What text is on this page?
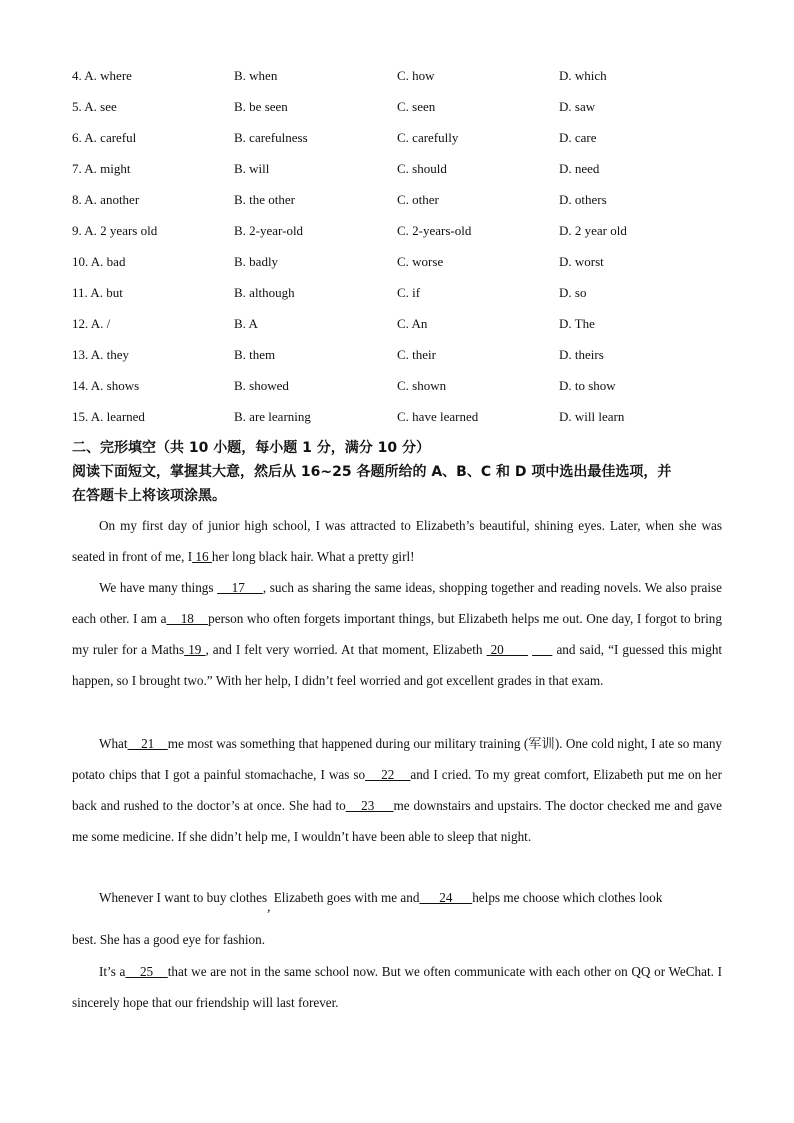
4. A. where	B. when	C. how	D. which
5. A. see	B. be seen	C. seen	D. saw
6. A. careful	B. carefulness	C. carefully	D. care
7. A. might	B. will	C. should	D. need
8. A. another	B. the other	C. other	D. others
9. A. 2 years old	B. 2-year-old	C. 2-years-old	D. 2 year old
10. A. bad	B. badly	C. worse	D. worst
11. A. but	B. although	C. if	D. so
12. A. /	B. A	C. An	D. The
13. A. they	B. them	C. their	D. theirs
14. A. shows	B. showed	C. shown	D. to show
15. A. learned	B. are learning	C. have learned	D. will learn
二、完形填空（共 10 小题，每小题 1 分，满分 10 分）
阅读下面短文，掌握其大意，然后从 16~25 各题所给的 A、B、C 和 D 项中选出最佳选项，并
在答题卡上将该项涂黑。
On my first day of junior high school, I was attracted to Elizabeth’s beautiful, shining eyes. Later, when she was seated in front of me, I 16 her long black hair. What a pretty girl!
We have many things     17     , such as sharing the same ideas, shopping together and reading novels. We also praise each other. I am a    18    person who often forgets important things, but Elizabeth helps me out. One day, I forgot to bring my ruler for a Maths 19 , and I felt very worried. At that moment, Elizabeth  20             and said, “I guessed this might happen, so I brought two.” With her help, I didn’t feel worried and got excellent grades in that exam.
What    21    me most was something that happened during our military training (军训). One cold night, I ate so many potato chips that I got a painful stomachache, I was so    22    and I cried. To my great comfort, Elizabeth put me on her back and rushed to the doctor’s at once. She had to    23     me downstairs and upstairs. The doctor checked me and gave me some medicine. If she didn’t help me, I wouldn’t have been able to sleep that night.
Whenever I want to buy clothes, Elizabeth goes with me and      24      helps me choose which clothes look
best. She has a good eye for fashion.
It’s a    25    that we are not in the same school now. But we often communicate with each other on QQ or WeChat. I sincerely hope that our friendship will last forever.
